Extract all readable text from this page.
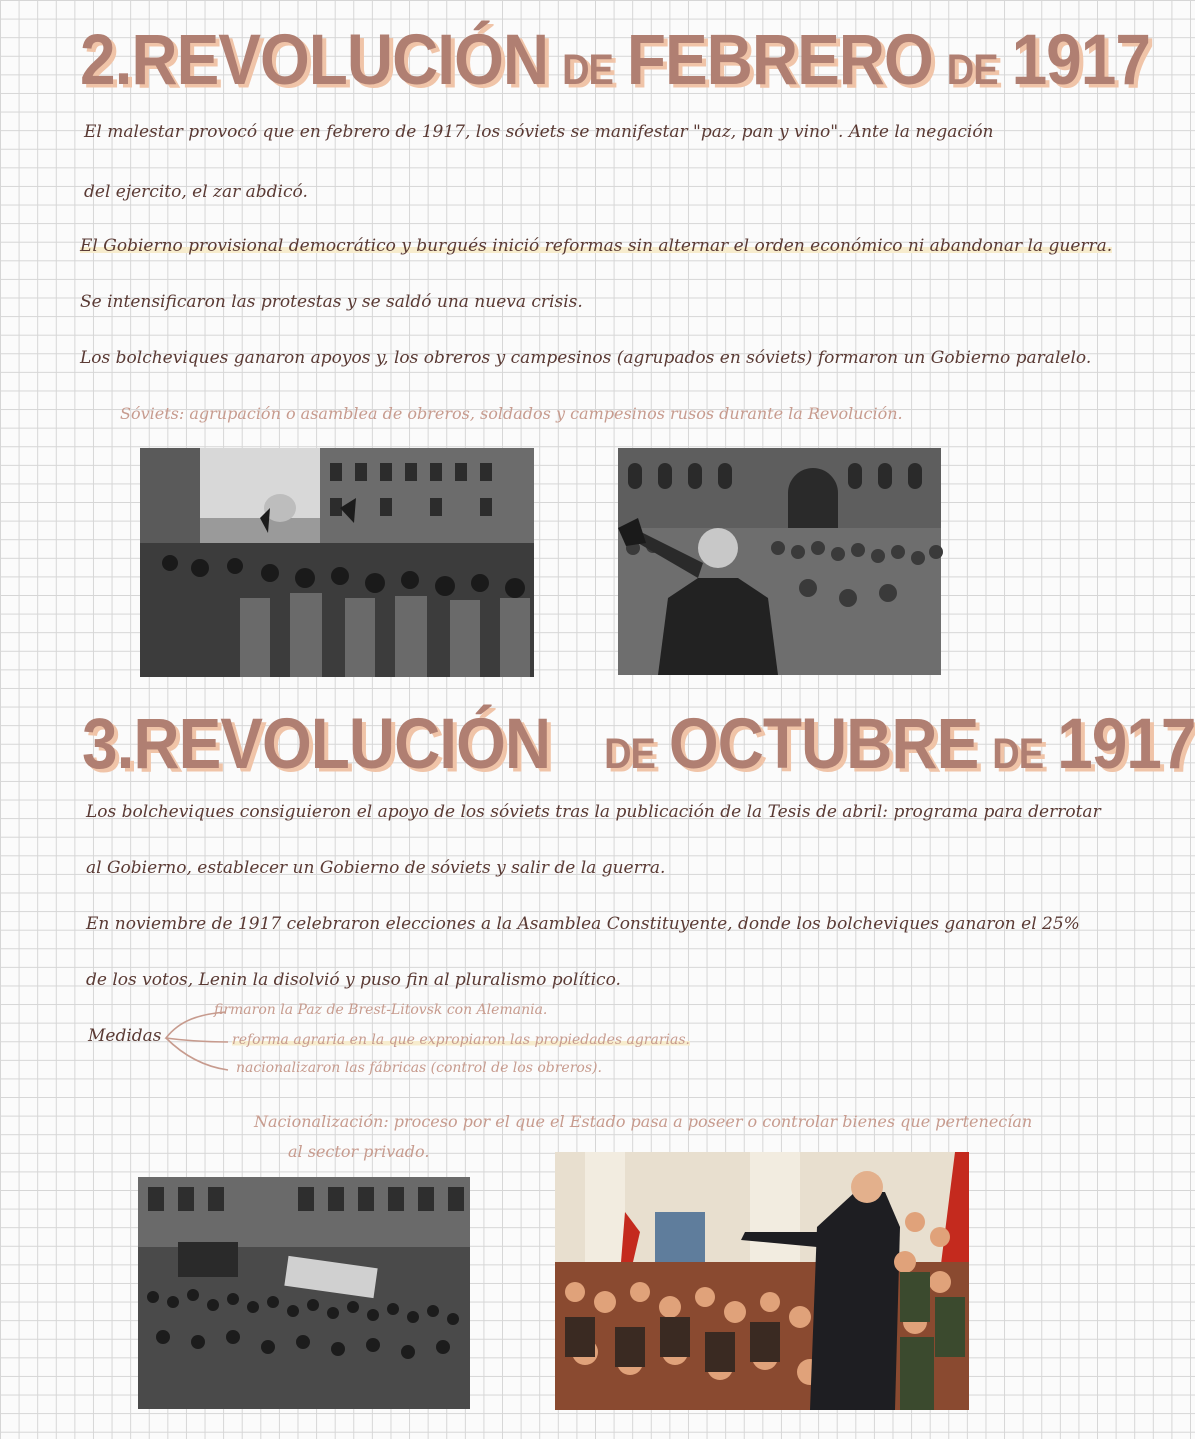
2.REVOLUCIÓN DE FEBRERO DE 1917

El malestar provocó que en febrero de 1917, los sóviets se manifestar "paz, pan y vino". Ante la negación

del ejercito, el zar abdicó.

El Gobierno provisional democrático y burgués inició reformas sin alternar el orden económico ni abandonar la guerra.

Se intensificaron las protestas y se saldó una nueva crisis.

Los bolcheviques ganaron apoyos y, los obreros y campesinos (agrupados en sóviets) formaron un Gobierno paralelo.

Sóviets: agrupación o asamblea de obreros, soldados y campesinos rusos durante la Revolución.

3.REVOLUCIÓN DE OCTUBRE DE 1917

Los bolcheviques consiguieron el apoyo de los sóviets tras la publicación de la Tesis de abril: programa para derrotar

al Gobierno, establecer un Gobierno de sóviets y salir de la guerra.

En noviembre de 1917 celebraron elecciones a la Asamblea Constituyente, donde los bolcheviques ganaron el 25%

de los votos, Lenin la disolvió y puso fin al pluralismo político.

Medidas

firmaron la Paz de Brest-Litovsk con Alemania.

reforma agraria en la que expropiaron las propiedades agrarias.

nacionalizaron las fábricas (control de los obreros).

Nacionalización: proceso por el que el Estado pasa a poseer o controlar bienes que pertenecían

al sector privado.
